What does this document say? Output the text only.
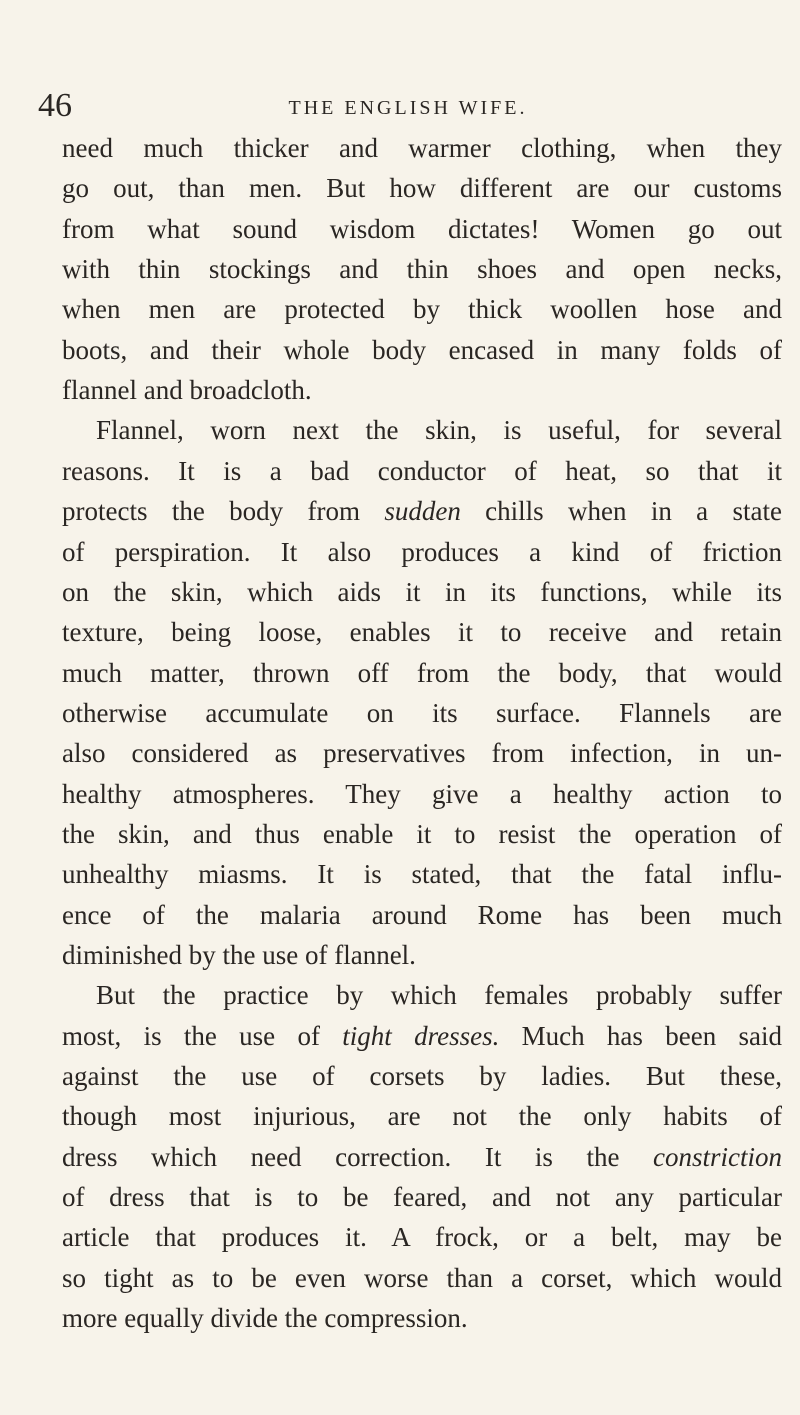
46	THE ENGLISH WIFE.
need much thicker and warmer clothing, when they
go out, than men. But how different are our customs
from what sound wisdom dictates! Women go out
with thin stockings and thin shoes and open necks,
when men are protected by thick woollen hose and
boots, and their whole body encased in many folds of
flannel and broadcloth.
Flannel, worn next the skin, is useful, for several
reasons. It is a bad conductor of heat, so that it
protects the body from sudden chills when in a state
of perspiration. It also produces a kind of friction
on the skin, which aids it in its functions, while its
texture, being loose, enables it to receive and retain
much matter, thrown off from the body, that would
otherwise accumulate on its surface. Flannels are
also considered as preservatives from infection, in un-
healthy atmospheres. They give a healthy action to
the skin, and thus enable it to resist the operation of
unhealthy miasms. It is stated, that the fatal influ-
ence of the malaria around Rome has been much
diminished by the use of flannel.
But the practice by which females probably suffer
most, is the use of tight dresses. Much has been said
against the use of corsets by ladies. But these,
though most injurious, are not the only habits of
dress which need correction. It is the constriction
of dress that is to be feared, and not any particular
article that produces it. A frock, or a belt, may be
so tight as to be even worse than a corset, which would
more equally divide the compression.
